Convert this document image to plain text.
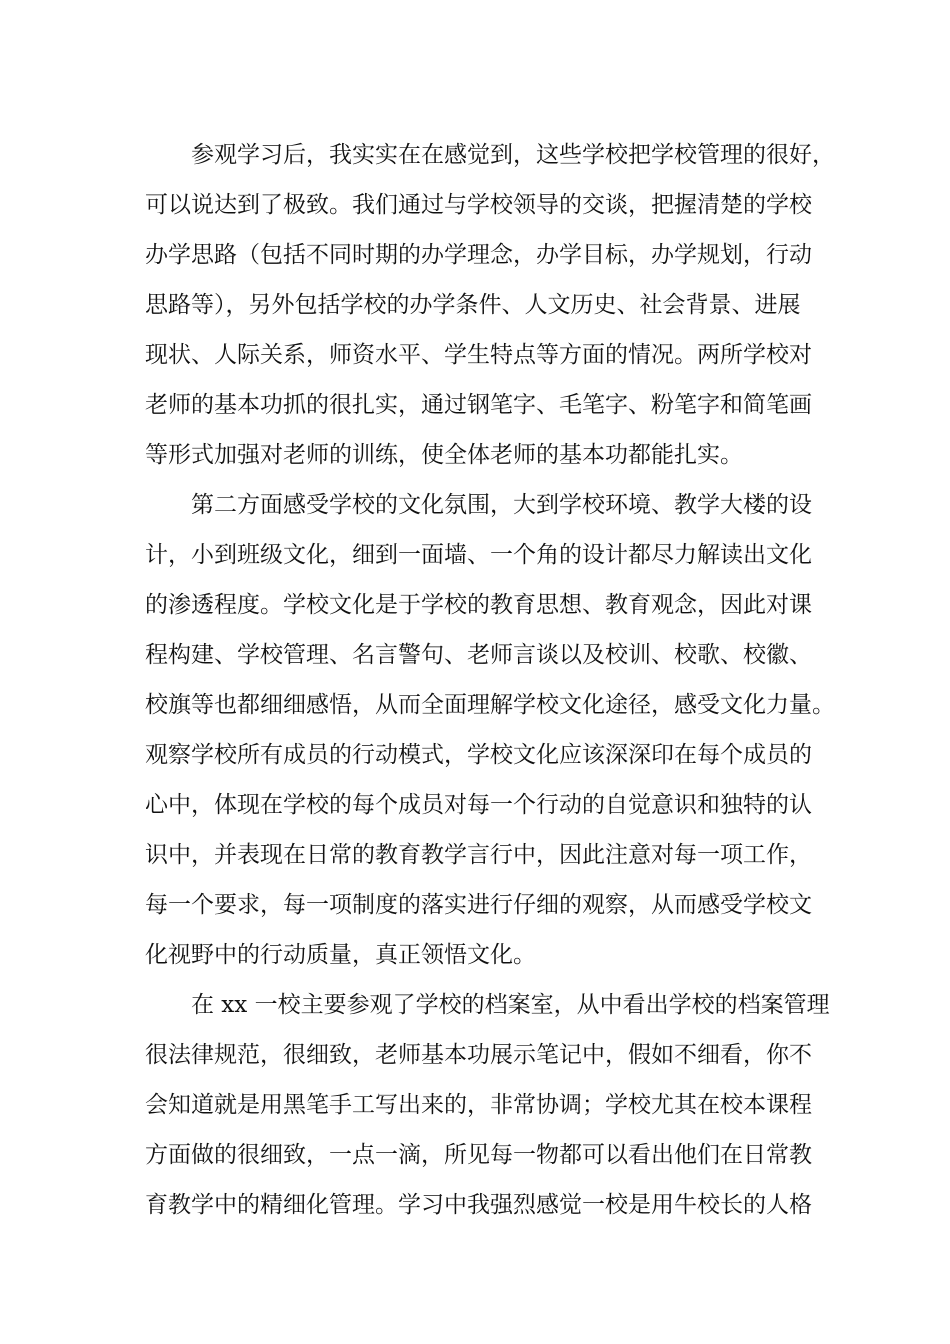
参观学习后，我实实在在感觉到，这些学校把学校管理的很好，
可以说达到了极致。我们通过与学校领导的交谈，把握清楚的学校
办学思路（包括不同时期的办学理念，办学目标，办学规划，行动
思路等），另外包括学校的办学条件、人文历史、社会背景、进展
现状、人际关系，师资水平、学生特点等方面的情况。两所学校对
老师的基本功抓的很扎实，通过钢笔字、毛笔字、粉笔字和简笔画
等形式加强对老师的训练，使全体老师的基本功都能扎实。
第二方面感受学校的文化氛围，大到学校环境、教学大楼的设
计，小到班级文化，细到一面墙、一个角的设计都尽力解读出文化
的渗透程度。学校文化是于学校的教育思想、教育观念，因此对课
程构建、学校管理、名言警句、老师言谈以及校训、校歌、校徽、
校旗等也都细细感悟，从而全面理解学校文化途径，感受文化力量。
观察学校所有成员的行动模式，学校文化应该深深印在每个成员的
心中，体现在学校的每个成员对每一个行动的自觉意识和独特的认
识中，并表现在日常的教育教学言行中，因此注意对每一项工作，
每一个要求，每一项制度的落实进行仔细的观察，从而感受学校文
化视野中的行动质量，真正领悟文化。
在 xx 一校主要参观了学校的档案室，从中看出学校的档案管理
很法律规范，很细致，老师基本功展示笔记中，假如不细看，你不
会知道就是用黑笔手工写出来的，非常协调；学校尤其在校本课程
方面做的很细致，一点一滴，所见每一物都可以看出他们在日常教
育教学中的精细化管理。学习中我强烈感觉一校是用牛校长的人格
